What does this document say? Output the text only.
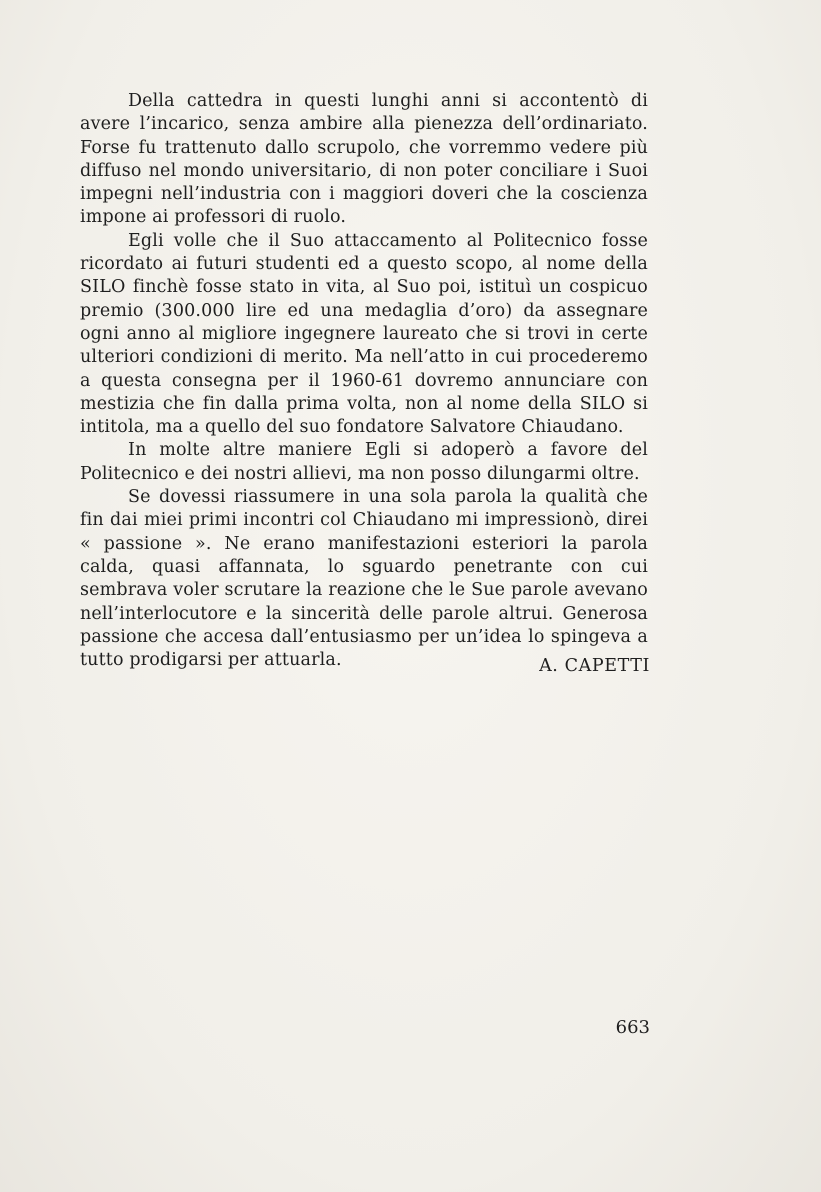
Della cattedra in questi lunghi anni si accontentò di avere l’incarico, senza ambire alla pienezza dell’ordinariato. Forse fu trattenuto dallo scrupolo, che vorremmo vedere più diffuso nel mondo universitario, di non poter conciliare i Suoi impegni nell’industria con i maggiori doveri che la coscienza impone ai professori di ruolo.

Egli volle che il Suo attaccamento al Politecnico fosse ricordato ai futuri studenti ed a questo scopo, al nome della SILO finchè fosse stato in vita, al Suo poi, istituì un cospicuo premio (300.000 lire ed una medaglia d’oro) da assegnare ogni anno al migliore ingegnere laureato che si trovi in certe ulteriori condizioni di merito. Ma nell’atto in cui procederemo a questa consegna per il 1960-61 dovremo annunciare con mestizia che fin dalla prima volta, non al nome della SILO si intitola, ma a quello del suo fondatore Salvatore Chiaudano.

In molte altre maniere Egli si adoperò a favore del Politecnico e dei nostri allievi, ma non posso dilungarmi oltre.

Se dovessi riassumere in una sola parola la qualità che fin dai miei primi incontri col Chiaudano mi impressionò, direi « passione ». Ne erano manifestazioni esteriori la parola calda, quasi affannata, lo sguardo penetrante con cui sembrava voler scrutare la reazione che le Sue parole avevano nell’interlocutore e la sincerità delle parole altrui. Generosa passione che accesa dall’entusiasmo per un’idea lo spingeva a tutto prodigarsi per attuarla.	A. CAPETTI
663
